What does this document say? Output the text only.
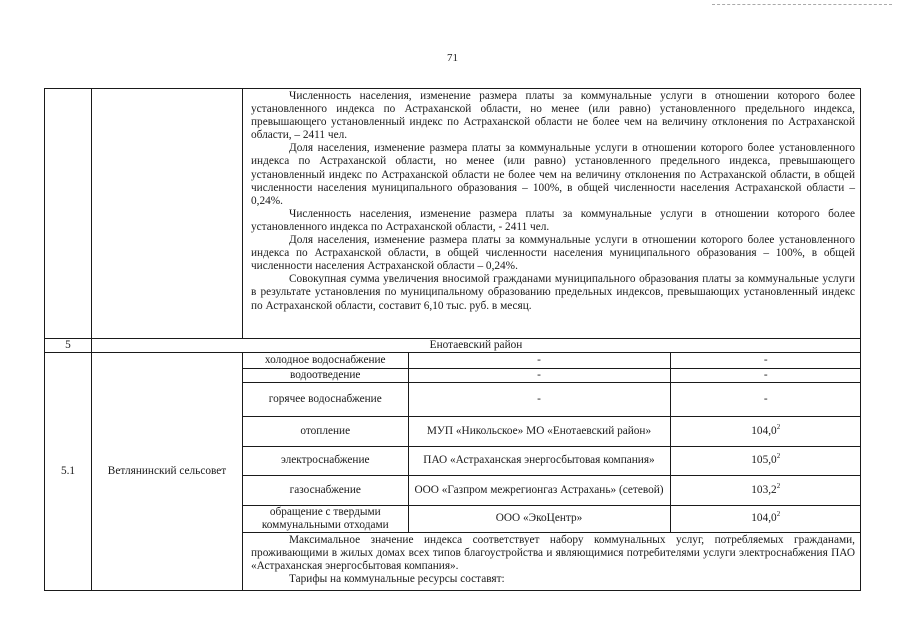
71

Численность населения, изменение размера платы за коммунальные услуги в отношении которого более установленного индекса по Астраханской области, но менее (или равно) установленного предельного индекса, превышающего установленный индекс по Астраханской области не более чем на величину отклонения по Астраханской области, – 2411 чел.

Доля населения, изменение размера платы за коммунальные услуги в отношении которого более установленного индекса по Астраханской области, но менее (или равно) установленного предельного индекса, превышающего установленный индекс по Астраханской области не более чем на величину отклонения по Астраханской области, в общей численности населения муниципального образования – 100%, в общей численности населения Астраханской области – 0,24%.

Численность населения, изменение размера платы за коммунальные услуги в отношении которого более установленного индекса по Астраханской области, - 2411 чел.

Доля населения, изменение размера платы за коммунальные услуги в отношении которого более установленного индекса по Астраханской области, в общей численности населения муниципального образования – 100%, в общей численности населения Астраханской области – 0,24%.

Совокупная сумма увеличения вносимой гражданами муниципального образования платы за коммунальные услуги в результате установления по муниципальному образованию предельных индексов, превышающих установленный индекс по Астраханской области, составит 6,10 тыс. руб. в месяц.

5	Енотаевский район
5.1	Ветлянинский сельсовет	
холодное водоснабжение	-	-
водоотведение	-	-
горячее водоснабжение	-	-
отопление	МУП «Никольское» МО «Енотаевский район»	104,0$^2$
электроснабжение	ПАО «Астраханская энергосбытовая компания»	105,0$^2$
газоснабжение	ООО «Газпром межрегионгаз Астрахань» (сетевой)	103,2$^2$
обращение с твердыми коммунальными отходами	ООО «ЭкоЦентр»	104,0$^2$

Максимальное значение индекса соответствует набору коммунальных услуг, потребляемых гражданами, проживающими в жилых домах всех типов благоустройства и являющимися потребителями услуги электроснабжения ПАО «Астраханская энергосбытовая компания».

Тарифы на коммунальные ресурсы составят:
